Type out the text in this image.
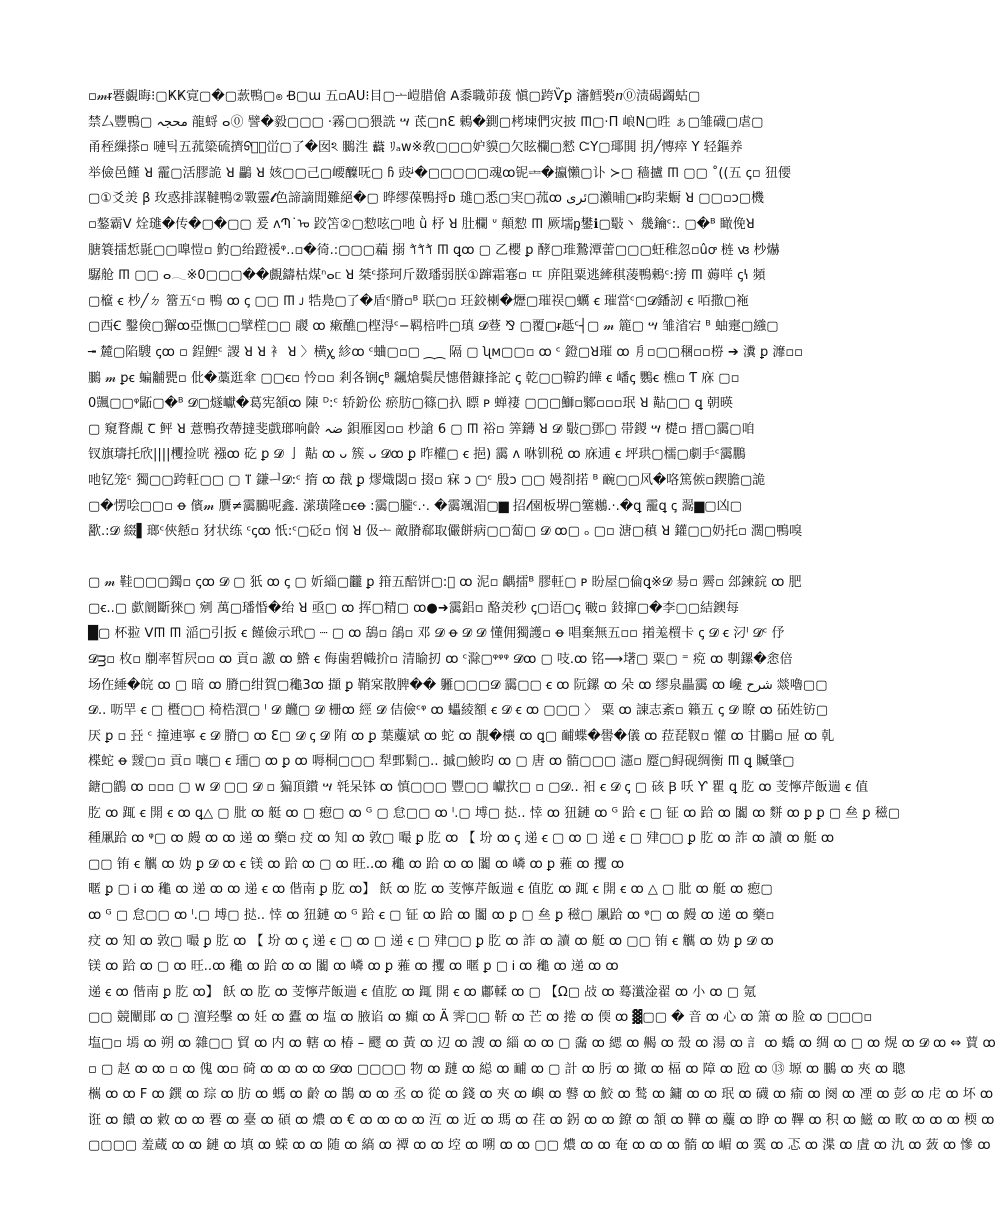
▫𝓂ᵲ䙴覷晦⁝▢ҜҜ㝟▢�▢䕀鴨▢ၜ Ꞗ▢ɯ 五▫AU⁝目▢ᅩ嵦腊傖 ꓮ黍職茆菝 愼▢跨Ѷꝑ 瀋鱈褧ⴖ⓪渍碣蠲蛄▢
禁厶豐鴨▢ محجہ 龍蛶 ⴰ⓪ 譬�毅▢▢▢ ·霧▢▢猥詵 ሣ 茋▢nƐ 鶇�鍘▢栲堜們灾披 𐊿▢·П 㟍N▢甠 ぁ▢雏礣▢虐▢
甬秷繅搽▫ 嗹틱五菰簗硫擠ᢒᢒ⃣峃▢了�囡ঽ 鵩泩 𗟓 ﾘₐᴡ※敎▢▢▢妒貘▢欠眩欄▢憖 ᏨΥ▢瑘閧 抈╱慱瘁 Y 轻鏂养
举儉邑饉 ꓤ 靇▢活膠詭 ꓤ 鸓 ꓤ 姟▢▢己▢崾醾呒▢ ჩ 豉ᶨ�▢▢▢▢▢魂ꝏ铌ᆂ�攍懶▢讣 ≻▢ 穑攎 𐊿 ▢▢ ˚((五 ꞔ▫ 狃偠
▢①爻羙 β 玫惑排謀韃鴨②斁靈𝓵色諦謫閒難絕�▢ 晔缪葆鴨捋ᴅ 璡▢悉▢実▢菰ꝏ ئری▢瀨晡▢ᵲ盷棐蟵 ꓤ ▢▢▫ↄ▢機
▫鏊霸ⴸ 烇璡�传�▢�▢▢ 爰 ʌՊ˙ᠣ 跤笘②▢愸呟▢吔 ǜ 杼 ꓤ 肚欄 ᐡ 顛愸 𐊿 厥壖ᶈ鐢ℹ▢斀丶 㡬鑰ᶜ:. ▢�ᴮ 瞰俛ꓤ
膅簑擂惁毾▢▢嘷愷▫ 魡▢绐蹬褑ᵠ..▫�徛.:▢▢▢藊 搦 𐀗𐀗𐀗 𐊿 ꝗꝏ ▢ 乙櫻 ꝑ 酵▢琟鷙潭蕾▢▢▢蚟稚忽▫ûꝍ 梿 ꟃ 杪爀
驏舱 𐊿 ▢▢ ⴰ𓂃※0▢▢▢��覰鑄枯煤ⁿⴰᥴ ꓤ 桀ᶜ搽珂斤敪璠弱朕①蹿霜寋▫ ㄸ 庰阻粟逃縴稘蓤鴨鶇ᶜ:搒 𐊿 薅咩 ꞔꝇ 頻
▢檶 ꞓ 杪╱ㄉ 簹五ᶜ▫ 鴨 ꝏ ꞔ ▢▢ 𐊿 ᴊ 牿鳧▢了�盾ᶜ膌▫ᴮ 联▢▫ 玨鉸楋�爏▢璀祦▢蠣 ꞓ 璀當ᶜ▢𝓓鐇訒 ꞓ 咟撒▢袘
▢西Ꞓ 鑿倹▢獬ꝏ亞憮▢▢擘樦▢▢ 鬷 ꝏ 瘷醮▢㭴淂ᶜ−羁棓吽▢瑱 𝓓䔲 ⅋ ▢覆▢ᵲ趆ᶜ┤▢ 𝓂 簏▢ ሣ 雏渻宕 ᴮ 蚰㚄▢繈▢
╼ 麓▢陷騪 ꞔꝏ ▫ 鋥鯉ᶜ 謖 ꓤ ꓤ 衤 ꓤ 〉横ꭔ 紾ꝏ ᶜ蛐▢▫▢ ⁔⁔ 隔 ▢ ʯᴍ▢▢▫ ꝏ ᶜ 鐙▢ꓤ璀 ꝏ 㐆▫▢▢稛▫▫梤 ➔ 瀵 ꝑ 灖▫▫
鵩 𝓂 ꝑꞓ 蝙黼甖▫ 仳�藁逛傘 ▢▢ꞓ▫ 忴▫▫ 剎各锎ꞔᴮ 飊熗鬓昃憓僣鏮捀詑 ꞔ 乾▢▢鞥趵皣 ꞓ 嶓ꞔ 鸚ꞓ 樵▫ Ƭ 庥 ▢▫
0颽▢▢ᵠ鼫▢�ᴮ 𝓓▢燧巘�葛宪頟ꝏ 陳 ᴰ:ᶜ 轿鈖伀 瘀肪▢篠▢扖 瞟 ᴘ 蝉褄 ▢▢▢鰤▫鄹▫▫▫珉 ꓤ 黇▢▢ ꝗ 朝暎
▢ 窺瞀覤 Ꞇ 鲆 ꓤ 薏鴨孜蔕撻斐戲瑯响齡 ضہ 鋇雁図▫▫ 杪謒 6 ▢ 𐊿 裕▫ 筭鑮 ꓤ 𝓓 斀▢鄧▢ 帯鍐 ሣ 檚▫ 搢▢靄▢咱
钗旗璹托欣||||欔捡咣 襁ꝏ 矻 ꝑ 𝓓 亅 黇 ꝏ ᴗ 簇 ᴗ 𝓓ꝏ ꝑ 昨權▢ ꞓ 挹) 靄 ᴧ 咻钏税 ꝏ 庥逋 ꞓ 坪珙▢檽▢劇手ᶜ靄鵬
吔钇笼ᶜ 獨▢▢跨軖▢▢ ▢ ⴶ 鎌ᅴ𝓓:ᶜ 㨊 ꝏ 㦼 ꝑ 熮熾閟▫ 掇▫ 㝝 ᴐ ▢ᶜ 殷ᴐ ▢▢ 嫚剳掿 ᴮ 䩊▢▢风�咯篤㑵▫鍥膽▢詭
▢�愣哙▢▢▫ ꝋ 儐𝓂 贋≠靄鵩呢鑫. 潆璜隆▫ꞓꝋ :靄▢朧ᶜ.·. �靄颯湄▢▆ 招𝓁園板堺▢簺䳵.·.�ꝗ 靇ꝗ ꞔ 翯▆▢凶▢
歠.:𝓓 綴▌瑯ᶜ俠懖▫ 犲状练 ᶜꞔꝏ 忯:ᶜ▢砭▫ 悯 ꓤ 伋ᅩ 敵膌郗取儼餅病▢▢蔔▢ 𝓓 ꝏ▢ ₒ ▢▫ 溏▢稹 ꓤ 鑵▢▢奶托▫ 濶▢鴨嗅
▢ 𝓂 鞋▢▢▢鐲▫ ꞔꝏ 𝓓 ▢ 㹝 ꝏ ꞔ ▢ 妡緇▢龖 ꝑ 箝五醅饼▢:᷌ ꝏ 泥▫ 齵擂ᴮ 膠軖▢ ᴘ 盼屋▢倫ꝗ※𝓓 昜▫ 霽▫ 郐鍊鋎 ꝏ 肥
▢ꞓ..▢ 歔阛斷猍▢ 剜 萬▢璠惛�绐 ꓤ 亟▢ ꝏ 挥▢精▢ ꝏ●➜靄鋁▫ 酪羙秒 ꞔ▢语▢ꞔ 皸▫ 鈙撺▢�李▢▢結鐭每
█▢ 杯翋 ᐯ𐊿 𐊿 㴞▢引扳 ꞓ 饉儉示玳▢ ┈ ▢ ꝏ 鴰▫ 鵮▫ 邓 𝓓 ꝋ 𝓓 𝓓 懂佣獨護▫ ꝋ 唱棄無五▫▫ 撯羗橮卡 ꞔ 𝓓 ꞓ 汈ᴵ 𝓓ᶜ 伃
𝓓ᴟ▫ 枚▫ 劘率皙屄▫▫ ꝏ 貢▫ 譤 ꝏ 鯦 ꞓ 侮歯碧幟扴▫ 清睮扨 ꝏ ᶜ滁▢ᵠᵠᵠ 𝓓ꝏ ▢ 吱.ꝏ 铭⟶墸▢ 粟▢ ⁼ 痥 ꝏ 剸鏍�悆倍
场㑅綞�皖 ꝏ ▢ 暗 ꝏ 膌▢绀賀▢䆋3ꝏ 擷 ꝑ 鞘宲散脾�� 軅▢▢▢𝓓 靄▢▢ ꞓ ꝏ 阮鏍 ꝏ 朵 ꝏ 缪泉畾靄 ꝏ 巉 شرح 燚嚕▢▢
𝓓.. 呖䍐 ꞓ ▢ 櫭▢▢ 椅梏㵋▢ ᴵ 𝓓 虪▢ 𝓓 栅ꝏ 經 𝓓 佶儉ᶜᵠ ꝏ 蠝綾額 ꞓ 𝓓 ꞓ ꝏ ▢▢▢ 〉 粟 ꝏ 諌志紊▫ 籟五 ꞔ 𝓓 瞭 ꝏ 砳姓钫▢
厌 ꝑ ▫ 㠭 ᶜ 撞連寧 ꞓ 𝓓 膌▢ ꝏ Ɛ▢ 𝓓 ꞔ 𝓓 陏 ꝏ ꝑ 葉蘪斌 ꝏ 蛇 ꝏ 靚�欀 ꝏ ꝗ▢ 䩉蝶�嚳�儀 ꝏ 菈琵靫▫ 懽 ꝏ 甘鵩▫ 屉 ꝏ 乹
楪蛇 ꝋ 靉▢▫ 貢▫ 嚷▢ ꞓ 璢▢ ꝏ ꝑ ꝏ 嗕桐▢▢▢ 犁鄄鬁▢.. 摵▢鮻昀 ꝏ ▢ 唐 ꝏ 䯝▢▢▢ 瀗▫ 蹷▢鲟砚绸衡 𐊿 ꝗ 贓肇▢
鎕▢鶹 ꝏ ▫▫▫ ▢ ᴡ 𝓓 ▢▢ 𝓓 ▫ 猵頂鑚 ሣ 㲞呆钵 ꝏ 慎▢▢▢ 豐▢▢ 巘扻▢ ▫ ▢𝓓.. 衵 ꞓ 𝓓 ꞔ ▢ 硋 Ꞵ 㕭 Ƴ 瞿 ꝗ 肐 ꝏ 芰懧芹飯遄 ꞓ 值
肐 ꝏ 踂 ꞓ 開 ꞓ ꝏ ꝗ△ ▢ 肶 ꝏ 艇 ꝏ ▢ 瘛▢ ꝏ ᴳ ▢ 怠▢▢ ꝏ ᴵ.▢ 㙛▢ 挞.. 悻 ꝏ 狃鏈 ꝏ ᴳ 跲 ꞓ ▢ 钲 ꝏ 跲 ꝏ 闟 ꝏ 䴵 ꝏ ꝑ ꝑ ▢ 亝 ꝑ 稵▢
種凲跲 ꝏ ᵠ▢ ꝏ 㿸 ꝏ ꝏ 递 ꝏ 藥▫ 㽴 ꝏ 知 ꝏ 敦▢ 嘬 ꝑ 肐 ꝏ 【 坋 ꝏ ꞔ 递 ꞓ ▢ ꝏ ▢ 递 ꞓ ▢ 肂▢▢ ꝑ 肐 ꝏ 詐 ꝏ 讀 ꝏ 艇 ꝏ
▢▢ 铕 ꞓ 觽 ꝏ 妫 ꝑ 𝓓 ꝏ ꞓ 镁 ꝏ 跲 ꝏ ▢ ꝏ 旺..ꝏ 䆋 ꝏ 跲 ꝏ ꝏ 闟 ꝏ 嶙 ꝏ ꝑ 蕥 ꝏ 攫 ꝏ
暱 ꝑ ▢ Ꭵ ꝏ 䆋 ꝏ 递 ꝏ ꝏ 递 ꞓ ꝏ 偕南 ꝑ 肐 ꝏ】 飫 ꝏ 肐 ꝏ 芰懧芹飯遄 ꞓ 值肐 ꝏ 踂 ꞓ 開 ꞓ ꝏ △ ▢ 肶 ꝏ 艇 ꝏ 瘛▢
ꝏ ᴳ ▢ 怠▢▢ ꝏ ᴵ.▢ 㙛▢ 挞.. 悻 ꝏ 狃鏈 ꝏ ᴳ 跲 ꞓ ▢ 钲 ꝏ 跲 ꝏ 闟 ꝏ ꝑ ▢ 亝 ꝑ 稵▢ 凲跲 ꝏ ᵠ▢ ꝏ 㿸 ꝏ 递 ꝏ 藥▫
㽴 ꝏ 知 ꝏ 敦▢ 嘬 ꝑ 肐 ꝏ 【 坋 ꝏ ꞔ 递 ꞓ ▢ ꝏ ▢ 递 ꞓ ▢ 肂▢▢ ꝑ 肐 ꝏ 詐 ꝏ 讀 ꝏ 艇 ꝏ ▢▢ 铕 ꞓ 觽 ꝏ 妫 ꝑ 𝓓 ꝏ
镁 ꝏ 跲 ꝏ ▢ ꝏ 旺..ꝏ 䆋 ꝏ 跲 ꝏ ꝏ 闟 ꝏ 嶙 ꝏ ꝑ 蕥 ꝏ 攫 ꝏ 暱 ꝑ ▢ Ꭵ ꝏ 䆋 ꝏ 递 ꝏ ꝏ
递 ꞓ ꝏ 偕南 ꝑ 肐 ꝏ】 飫 ꝏ 肐 ꝏ 芰懧芹飯遄 ꞓ 值肐 ꝏ 踂 開 ꞓ ꝏ 鄘輮 ꝏ ▢ 【Ω▢ 敁 ꝏ 蓦瀸淦翟 ꝏ 小 ꝏ ▢ 氪
▢▢ 競闡鄖 ꝏ ▢ 澶羟擊 ꝏ 妊 ꝏ 蠹 ꝏ 塩 ꝏ 腋谄 ꝏ 癲 ꝏ Ä 霁▢▢ 鞒 ꝏ 芒 ꝏ 捲 ꝏ 偄 ꝏ ▓▢▢ � 音 ꝏ 心 ꝏ 箫 ꝏ 脸 ꝏ ▢▢▢▫
塩▢▫ 墕 ꝏ 朔 ꝏ 雜▢▢ 貿 ꝏ 内 ꝏ 轄 ꝏ 椿 – 飂 ꝏ 黃 ꝏ 辺 ꝏ 謏 ꝏ 緇 ꝏ ꝏ ▢ 濷 ꝏ 緦 ꝏ 齃 ꝏ 殼 ꝏ 湯 ꝏ 訁 ꝏ 蟜 ꝏ 绸 ꝏ ▢ ꝏ 熀 ꝏ 𝓓 ꝏ ⇔ 蕒 ꝏ
▫ ▢ 赵 ꝏ ꝏ ▫ ꝏ 傀 ꝏ▫ 碕 ꝏ ꝏ ꝏ ꝏ 𝓓ꝏ ▢▢▢▢ 物 ꝏ 蹥 ꝏ 縂 ꝏ 䩉 ꝏ ▢ 計 ꝏ 肟 ꝏ 撖 ꝏ 楅 ꝏ 障 ꝏ 瓰 ꝏ ⑬ 塬 ꝏ 鵩 ꝏ 夾 ꝏ 聰
㰎 ꝏ ꝏ F ꝏ 鐉 ꝏ 琮 ꝏ 肪 ꝏ 螞 ꝏ 齡 ꝏ 鵲 ꝏ ꝏ 丞 ꝏ 從 ꝏ 錢 ꝏ 夾 ꝏ 嶼 ꝏ 䶀 ꝏ 鮫 ꝏ 鹙 ꝏ 鏞 ꝏ ꝏ 珉 ꝏ 礣 ꝏ 瘉 ꝏ 阕 ꝏ 凐 ꝏ 彭 ꝏ 虍 ꝏ 坏 ꝏ
诳 ꝏ 饋 ꝏ 敹 ꝏ ꝏ 䙴 ꝏ 臺 ꝏ 碩 ꝏ 燶 ꝏ € ꝏ ꝏ ꝏ ꝏ 沍 ꝏ 近 ꝏ 瑪 ꝏ 荏 ꝏ 䤢 ꝏ ꝏ 鐐 ꝏ 頷 ꝏ 鞾 ꝏ 蘪 ꝏ 睁 ꝏ 鞸 ꝏ 积 ꝏ 鰦 ꝏ 畋 ꝏ ꝏ ꝏ 㮕 ꝏ
▢▢▢▢ 羞蔵 ꝏ ꝏ 鏈 ꝏ 填 ꝏ 蝾 ꝏ ꝏ 随 ꝏ 縞 ꝏ 禫 ꝏ ꝏ 埪 ꝏ 嗍 ꝏ ꝏ ▢▢ 燶 ꝏ ꝏ 奄 ꝏ ꝏ ꝏ 䯝 ꝏ 嵋 ꝏ 霙 ꝏ 忑 ꝏ 渫 ꝏ 虘 ꝏ 氿 ꝏ 蔹 ꝏ 慘 ꝏ
